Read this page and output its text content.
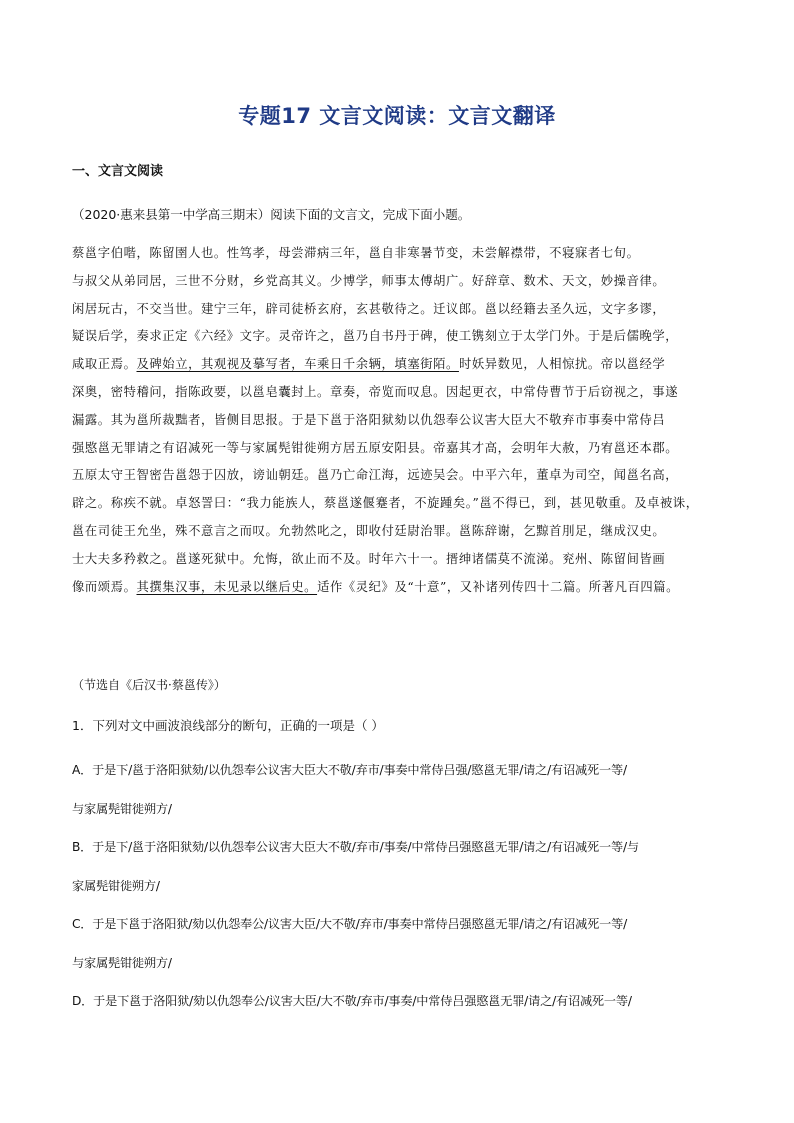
专题17 文言文阅读：文言文翻译
一、文言文阅读
（2020·惠来县第一中学高三期末）阅读下面的文言文，完成下面小题。
蔡邕字伯喈，陈留圉人也。性笃孝，母尝滞病三年，邕自非寒暑节变，未尝解襟带，不寝寐者七旬。
与叔父从弟同居，三世不分财，乡党高其义。少博学，师事太傅胡广。好辞章、数术、天文，妙操音律。
闲居玩古，不交当世。建宁三年，辟司徒桥玄府，玄甚敬待之。迁议郎。邕以经籍去圣久远，文字多谬，
疑误后学，奏求正定《六经》文字。灵帝许之，邕乃自书丹于碑，使工镌刻立于太学门外。于是后儒晚学，
咸取正焉。及碑始立，其观视及摹写者，车乘日千余辆，填塞街陌。时妖异数见，人相惊扰。帝以邕经学
深奥，密特稽问，指陈政要，以邕皂囊封上。章奏，帝览而叹息。因起更衣，中常侍曹节于后窃视之，事遂
漏露。其为邕所裁黜者，皆侧目思报。于是下邕于洛阳狱劾以仇怨奉公议害大臣大不敬弃市事奏中常侍吕
强愍邕无罪请之有诏减死一等与家属髡钳徙朔方居五原安阳县。帝嘉其才高，会明年大赦，乃宥邕还本郡。
五原太守王智密告邕怨于囚放，谤讪朝廷。邕乃亡命江海，远迹吴会。中平六年，董卓为司空，闻邕名高，
辟之。称疾不就。卓怒詈曰：“我力能族人，蔡邕遂偃蹇者，不旋踵矣。”邕不得已，到，甚见敬重。及卓被诛，
邕在司徒王允坐，殊不意言之而叹。允勃然叱之，即收付廷尉治罪。邕陈辞谢，乞黥首刖足，继成汉史。
士大夫多矜救之。邕遂死狱中。允悔，欲止而不及。时年六十一。搢绅诸儒莫不流涕。兖州、陈留间皆画
像而颂焉。其撰集汉事，未见录以继后史。适作《灵纪》及“十意”，又补诸列传四十二篇。所著凡百四篇。
（节选自《后汉书·蔡邕传》）
1．下列对文中画波浪线部分的断句，正确的一项是（ ）
A．于是下/邕于洛阳狱劾/以仇怨奉公议害大臣大不敬/弃市/事奏中常侍吕强/愍邕无罪/请之/有诏减死一等/
与家属髡钳徙朔方/
B．于是下/邕于洛阳狱劾/以仇怨奉公议害大臣大不敬/弃市/事奏/中常侍吕强愍邕无罪/请之/有诏减死一等/与
家属髡钳徙朔方/
C．于是下邕于洛阳狱/劾以仇怨奉公/议害大臣/大不敬/弃市/事奏中常侍吕强愍邕无罪/请之/有诏减死一等/
与家属髡钳徙朔方/
D．于是下邕于洛阳狱/劾以仇怨奉公/议害大臣/大不敬/弃市/事奏/中常侍吕强愍邕无罪/请之/有诏减死一等/
